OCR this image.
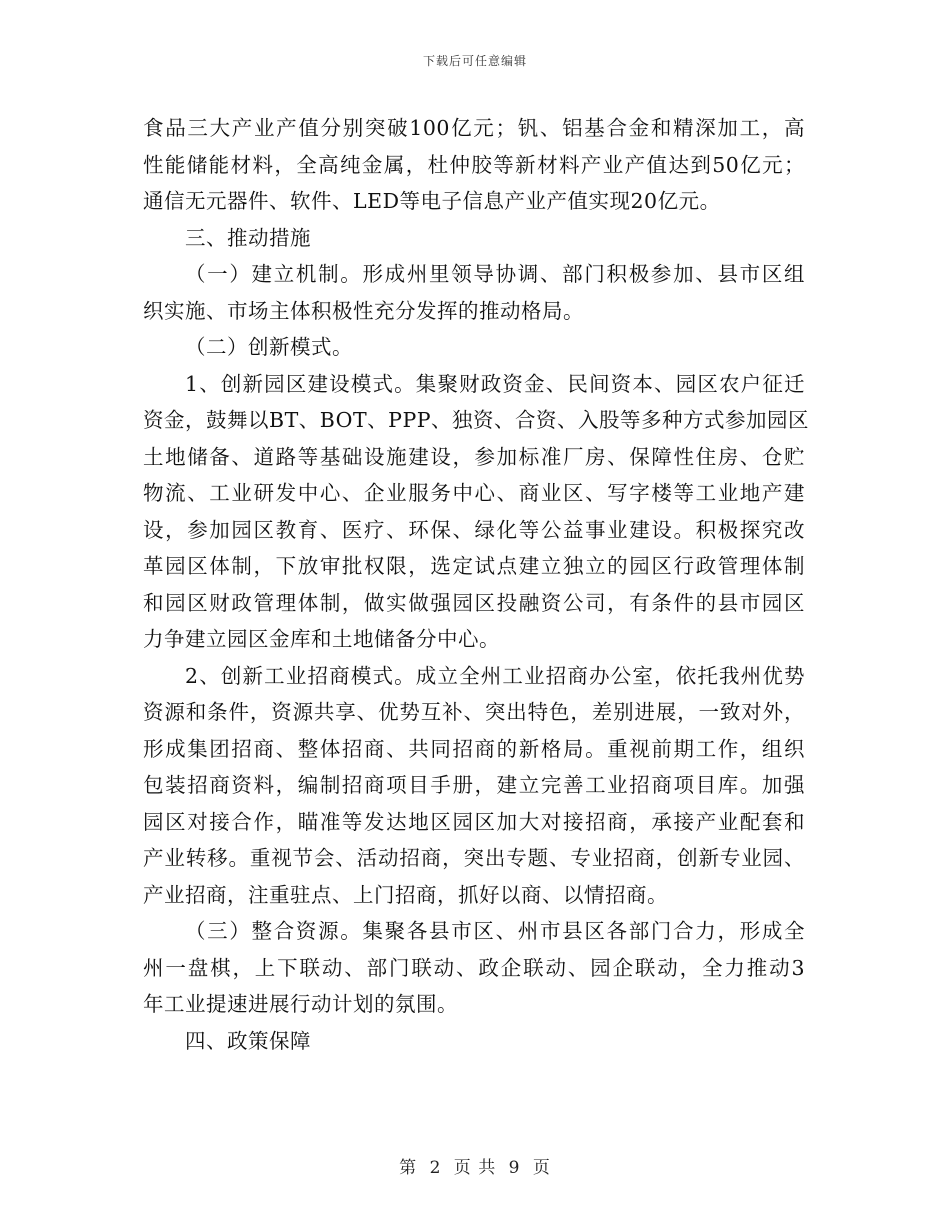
下载后可任意编辑
食品三大产业产值分别突破100亿元；钒、铝基合金和精深加工，高
性能储能材料，全高纯金属，杜仲胶等新材料产业产值达到50亿元；
通信无元器件、软件、LED等电子信息产业产值实现20亿元。
三、推动措施
（一）建立机制。形成州里领导协调、部门积极参加、县市区组
织实施、市场主体积极性充分发挥的推动格局。
（二）创新模式。
1、创新园区建设模式。集聚财政资金、民间资本、园区农户征迁
资金，鼓舞以BT、BOT、PPP、独资、合资、入股等多种方式参加园区
土地储备、道路等基础设施建设，参加标准厂房、保障性住房、仓贮
物流、工业研发中心、企业服务中心、商业区、写字楼等工业地产建
设，参加园区教育、医疗、环保、绿化等公益事业建设。积极探究改
革园区体制，下放审批权限，选定试点建立独立的园区行政管理体制
和园区财政管理体制，做实做强园区投融资公司，有条件的县市园区
力争建立园区金库和土地储备分中心。
2、创新工业招商模式。成立全州工业招商办公室，依托我州优势
资源和条件，资源共享、优势互补、突出特色，差别进展，一致对外，
形成集团招商、整体招商、共同招商的新格局。重视前期工作，组织
包装招商资料，编制招商项目手册，建立完善工业招商项目库。加强
园区对接合作，瞄准等发达地区园区加大对接招商，承接产业配套和
产业转移。重视节会、活动招商，突出专题、专业招商，创新专业园、
产业招商，注重驻点、上门招商，抓好以商、以情招商。
（三）整合资源。集聚各县市区、州市县区各部门合力，形成全
州一盘棋，上下联动、部门联动、政企联动、园企联动，全力推动3
年工业提速进展行动计划的氛围。
四、政策保障
第 2 页 共 9 页
